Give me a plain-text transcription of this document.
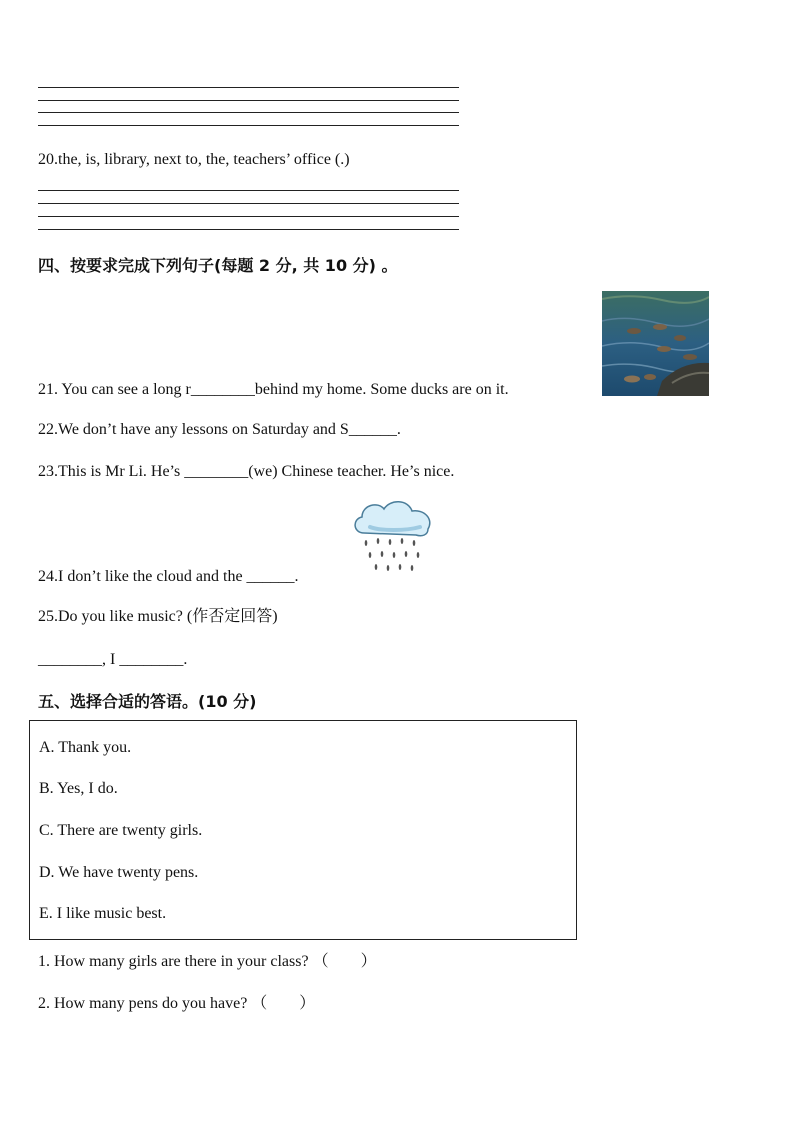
20.the, is, library, next to, the, teachers’ office (.)
四、按要求完成下列句子(每题 2 分, 共 10 分) 。
21. You can see a long r________behind my home. Some ducks are on it.
22.We don’t have any lessons on Saturday and S______.
23.This is Mr Li. He’s ________(we) Chinese teacher. He’s nice.
24.I don’t like the cloud and the ______.
25.Do you like music? (作否定回答)
________, I ________.
五、选择合适的答语。(10 分)
A. Thank you.
B. Yes, I do.
C. There are twenty girls.
D. We have twenty pens.
E. I like music best.
1. How many girls are there in your class? （　　）
2. How many pens do you have? （　　）
